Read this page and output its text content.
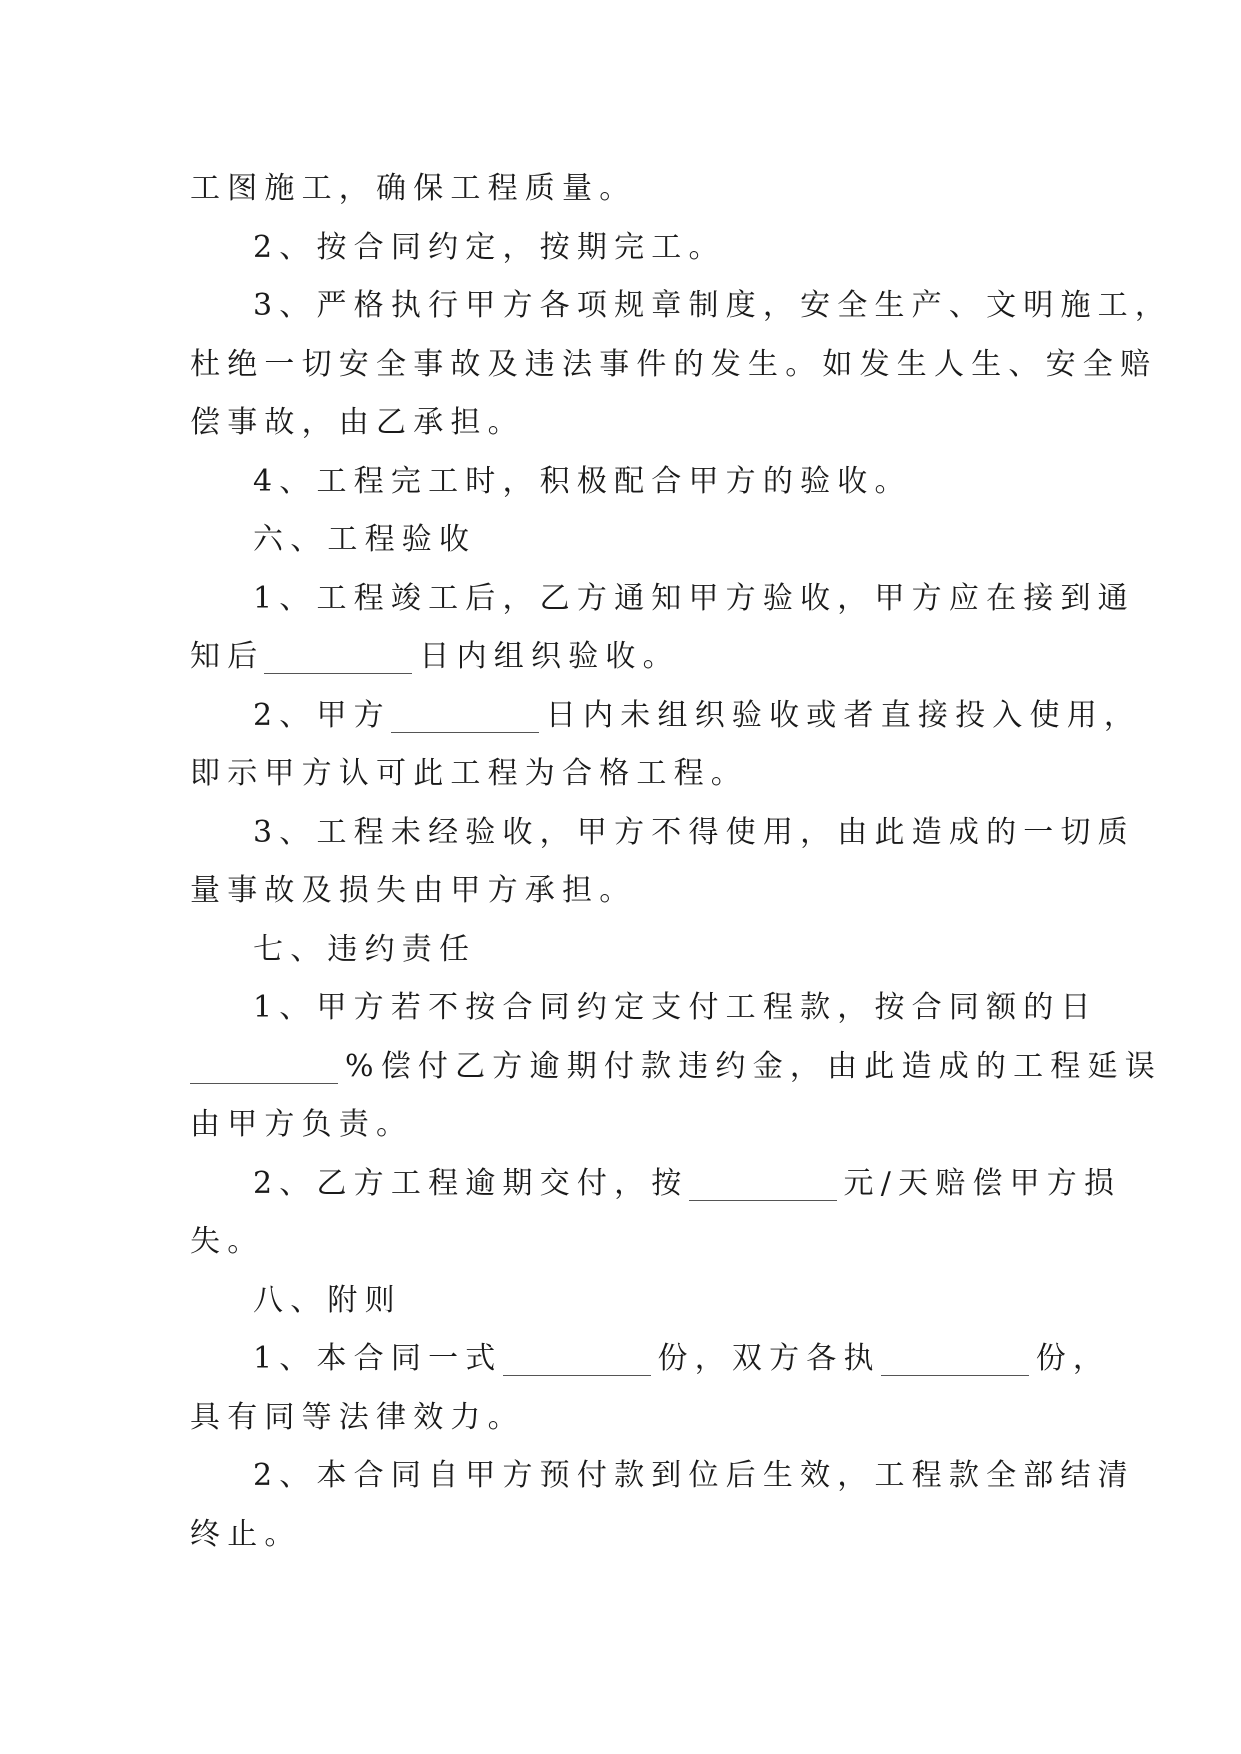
工图施工，确保工程质量。
2、按合同约定，按期完工。
3、严格执行甲方各项规章制度，安全生产、文明施工，
杜绝一切安全事故及违法事件的发生。如发生人生、安全赔
偿事故，由乙承担。
4、工程完工时，积极配合甲方的验收。
六、工程验收
1、工程竣工后，乙方通知甲方验收，甲方应在接到通
知后	日内组织验收。
2、甲方	日内未组织验收或者直接投入使用，
即示甲方认可此工程为合格工程。
3、工程未经验收，甲方不得使用，由此造成的一切质
量事故及损失由甲方承担。
七、违约责任
1、甲方若不按合同约定支付工程款，按合同额的日
%偿付乙方逾期付款违约金，由此造成的工程延误
由甲方负责。
2、乙方工程逾期交付，按	元/天赔偿甲方损
失。
八、附则
1、本合同一式	份，双方各执	份，
具有同等法律效力。
2、本合同自甲方预付款到位后生效，工程款全部结清
终止。
